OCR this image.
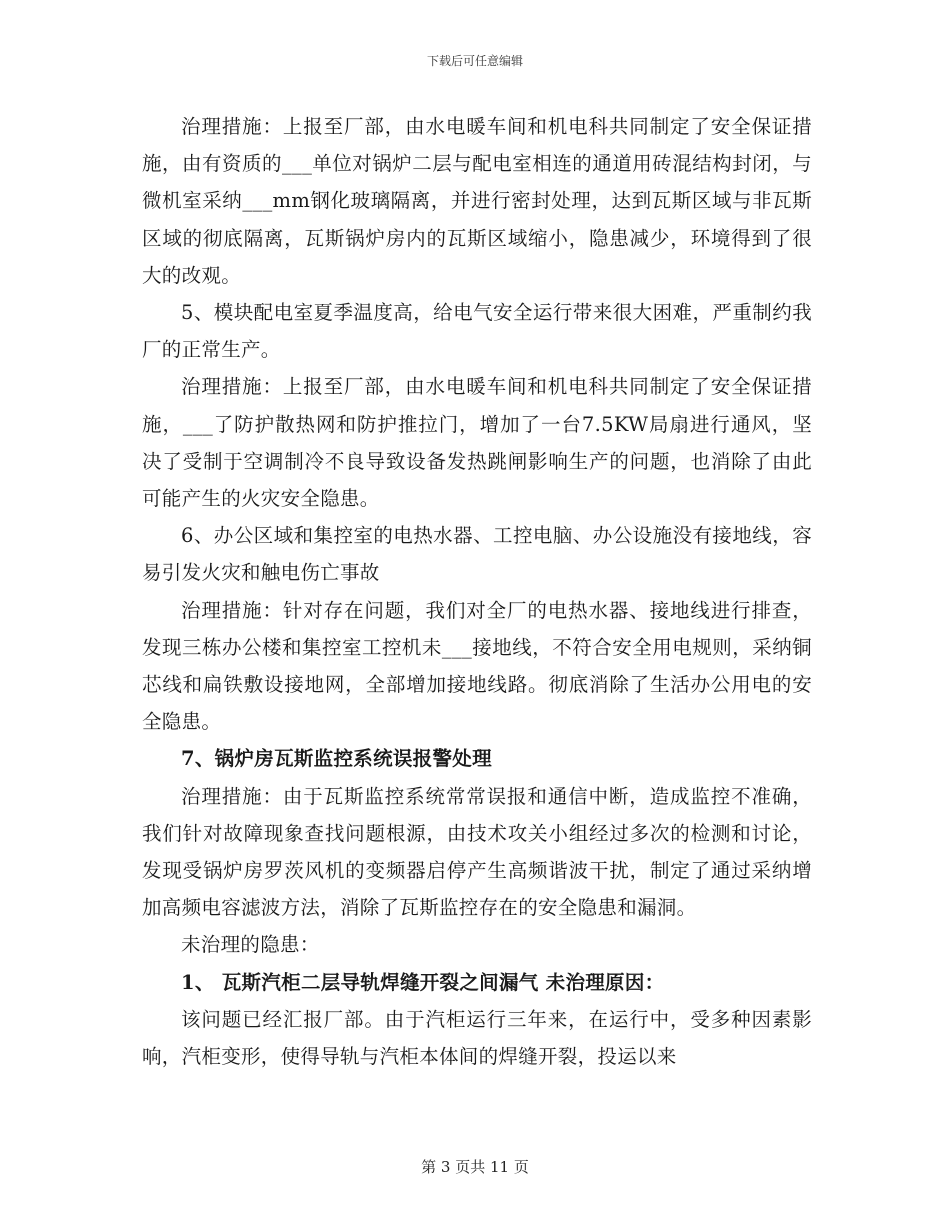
下载后可任意编辑

治理措施：上报至厂部，由水电暖车间和机电科共同制定了安全保证措施，由有资质的___单位对锅炉二层与配电室相连的通道用砖混结构封闭，与微机室采纳___mm钢化玻璃隔离，并进行密封处理，达到瓦斯区域与非瓦斯区域的彻底隔离，瓦斯锅炉房内的瓦斯区域缩小，隐患减少，环境得到了很大的改观。

5、模块配电室夏季温度高，给电气安全运行带来很大困难，严重制约我厂的正常生产。

治理措施：上报至厂部，由水电暖车间和机电科共同制定了安全保证措施，___了防护散热网和防护推拉门，增加了一台7.5KW局扇进行通风，坚决了受制于空调制冷不良导致设备发热跳闸影响生产的问题，也消除了由此可能产生的火灾安全隐患。

6、办公区域和集控室的电热水器、工控电脑、办公设施没有接地线，容易引发火灾和触电伤亡事故

治理措施：针对存在问题，我们对全厂的电热水器、接地线进行排查，发现三栋办公楼和集控室工控机未___接地线，不符合安全用电规则，采纳铜芯线和扁铁敷设接地网，全部增加接地线路。彻底消除了生活办公用电的安全隐患。

7、锅炉房瓦斯监控系统误报警处理

治理措施：由于瓦斯监控系统常常误报和通信中断，造成监控不准确，我们针对故障现象查找问题根源，由技术攻关小组经过多次的检测和讨论，发现受锅炉房罗茨风机的变频器启停产生高频谐波干扰，制定了通过采纳增加高频电容滤波方法，消除了瓦斯监控存在的安全隐患和漏洞。

未治理的隐患：

1、 瓦斯汽柜二层导轨焊缝开裂之间漏气 未治理原因：

该问题已经汇报厂部。由于汽柜运行三年来，在运行中，受多种因素影响，汽柜变形，使得导轨与汽柜本体间的焊缝开裂，投运以来

第 3 页共 11 页
